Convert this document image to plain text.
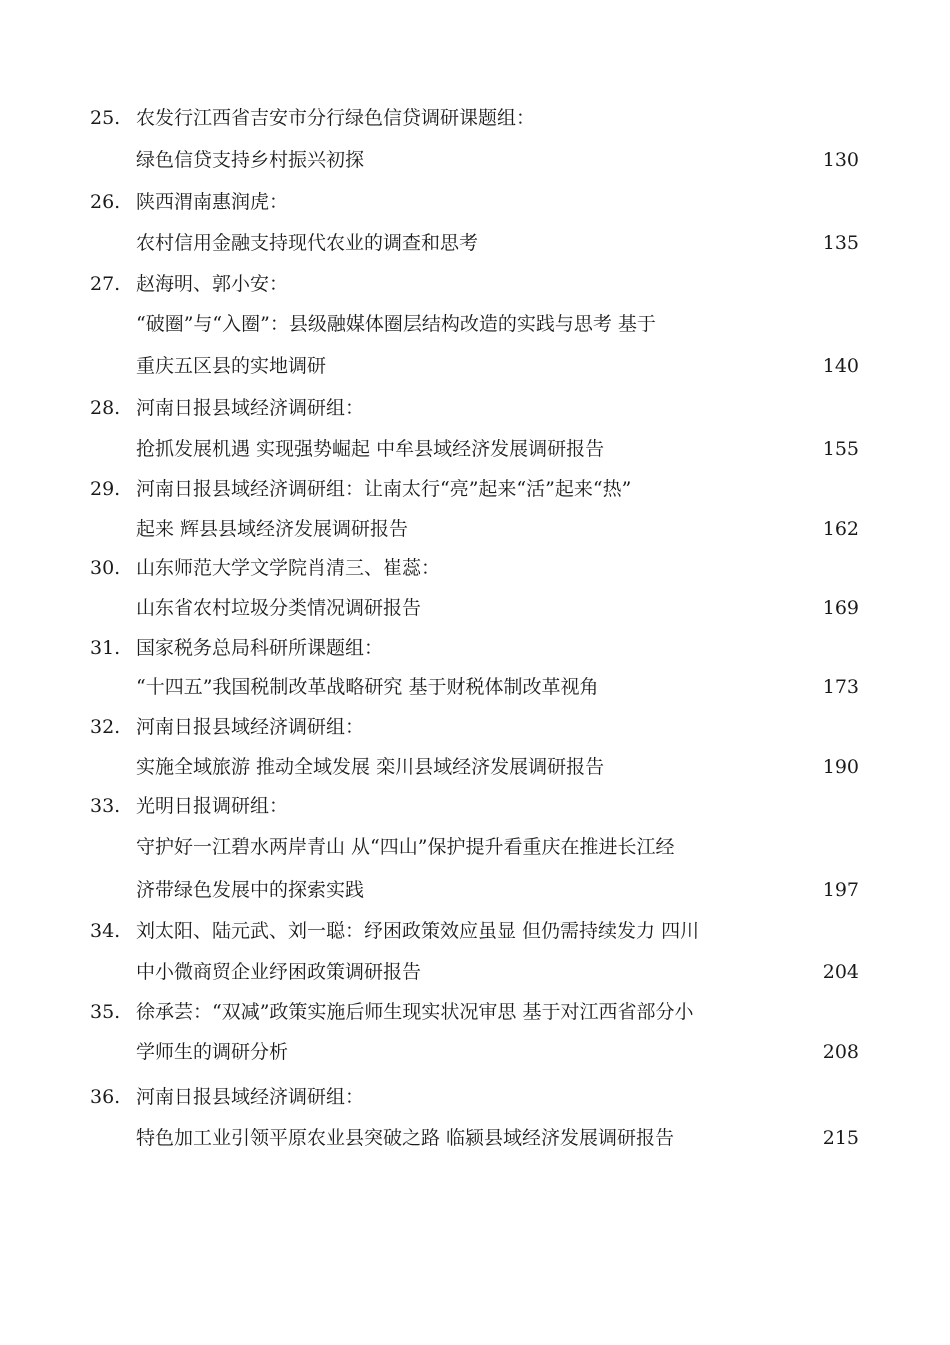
25. 农发行江西省吉安市分行绿色信贷调研课题组：
绿色信贷支持乡村振兴初探	130
26. 陕西渭南惠润虎：
农村信用金融支持现代农业的调查和思考	135
27. 赵海明、郭小安：
“破圈”与“入圈”：县级融媒体圈层结构改造的实践与思考 基于
重庆五区县的实地调研	140
28. 河南日报县域经济调研组：
抢抓发展机遇 实现强势崛起 中牟县域经济发展调研报告	155
29. 河南日报县域经济调研组：让南太行“亮”起来“活”起来“热”
起来 辉县县域经济发展调研报告	162
30. 山东师范大学文学院肖清三、崔蕊：
山东省农村垃圾分类情况调研报告	169
31. 国家税务总局科研所课题组：
“十四五”我国税制改革战略研究 基于财税体制改革视角	173
32. 河南日报县域经济调研组：
实施全域旅游 推动全域发展 栾川县域经济发展调研报告	190
33. 光明日报调研组：
守护好一江碧水两岸青山 从“四山”保护提升看重庆在推进长江经
济带绿色发展中的探索实践	197
34. 刘太阳、陆元武、刘一聪：纾困政策效应虽显 但仍需持续发力 四川
中小微商贸企业纾困政策调研报告	204
35. 徐承芸：“双减”政策实施后师生现实状况审思 基于对江西省部分小
学师生的调研分析	208
36. 河南日报县域经济调研组：
特色加工业引领平原农业县突破之路 临颍县域经济发展调研报告	215
